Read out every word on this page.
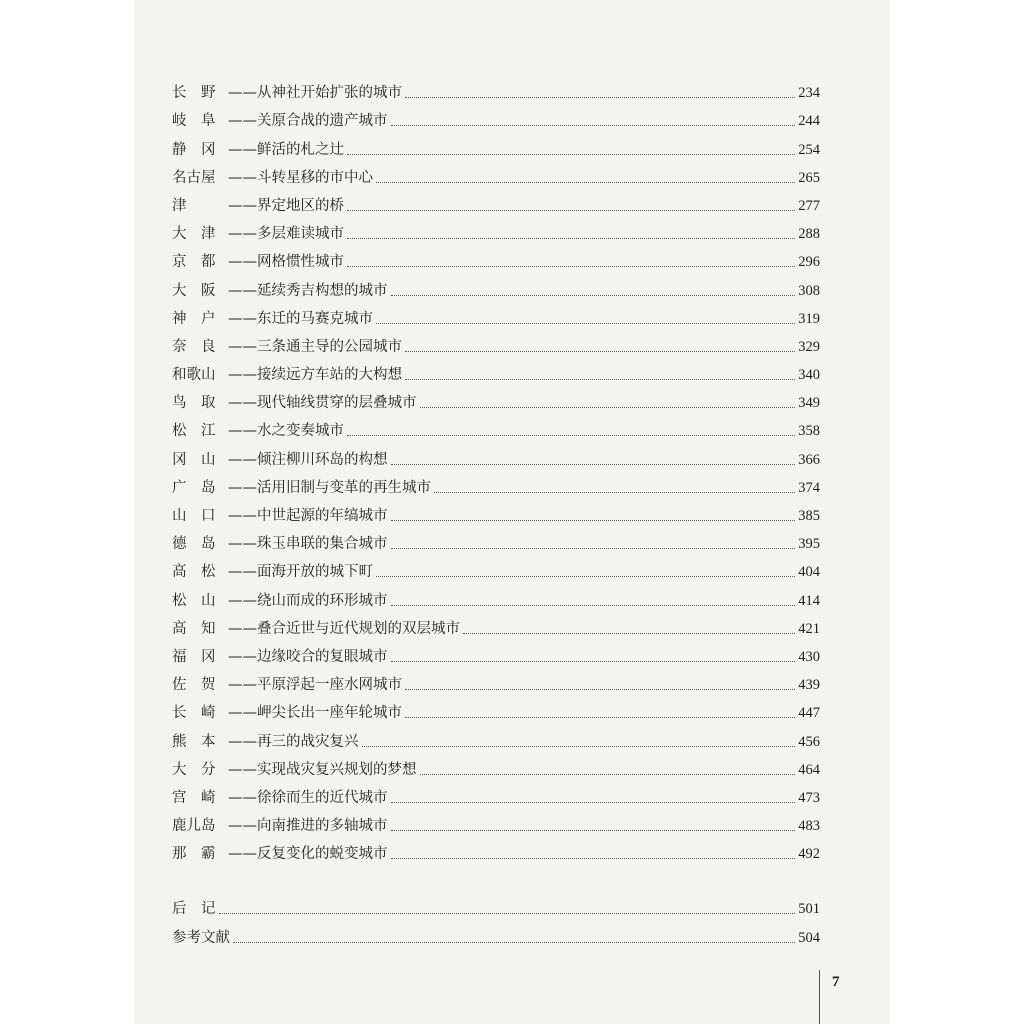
长　野 —— 从神社开始扩张的城市	234
岐　阜 —— 关原合战的遗产城市	244
静　冈 —— 鲜活的札之辻	254
名古屋 —— 斗转星移的市中心	265
津	—— 界定地区的桥	277
大　津 —— 多层难读城市	288
京　都 —— 网格惯性城市	296
大　阪 —— 延续秀吉构想的城市	308
神　户 —— 东迁的马赛克城市	319
奈　良 —— 三条通主导的公园城市	329
和歌山 —— 接续远方车站的大构想	340
鸟　取 —— 现代轴线贯穿的层叠城市	349
松　江 —— 水之变奏城市	358
冈　山 —— 倾注柳川环岛的构想	366
广　岛 —— 活用旧制与变革的再生城市	374
山　口 —— 中世起源的年缟城市	385
德　岛 —— 珠玉串联的集合城市	395
高　松 —— 面海开放的城下町	404
松　山 —— 绕山而成的环形城市	414
高　知 —— 叠合近世与近代规划的双层城市	421
福　冈 —— 边缘咬合的复眼城市	430
佐　贺 —— 平原浮起一座水网城市	439
长　崎 —— 岬尖长出一座年轮城市	447
熊　本 —— 再三的战灾复兴	456
大　分 —— 实现战灾复兴规划的梦想	464
宫　崎 —— 徐徐而生的近代城市	473
鹿儿岛 —— 向南推进的多轴城市	483
那　霸 —— 反复变化的蜕变城市	492
后　记	501
参考文献	504
7
